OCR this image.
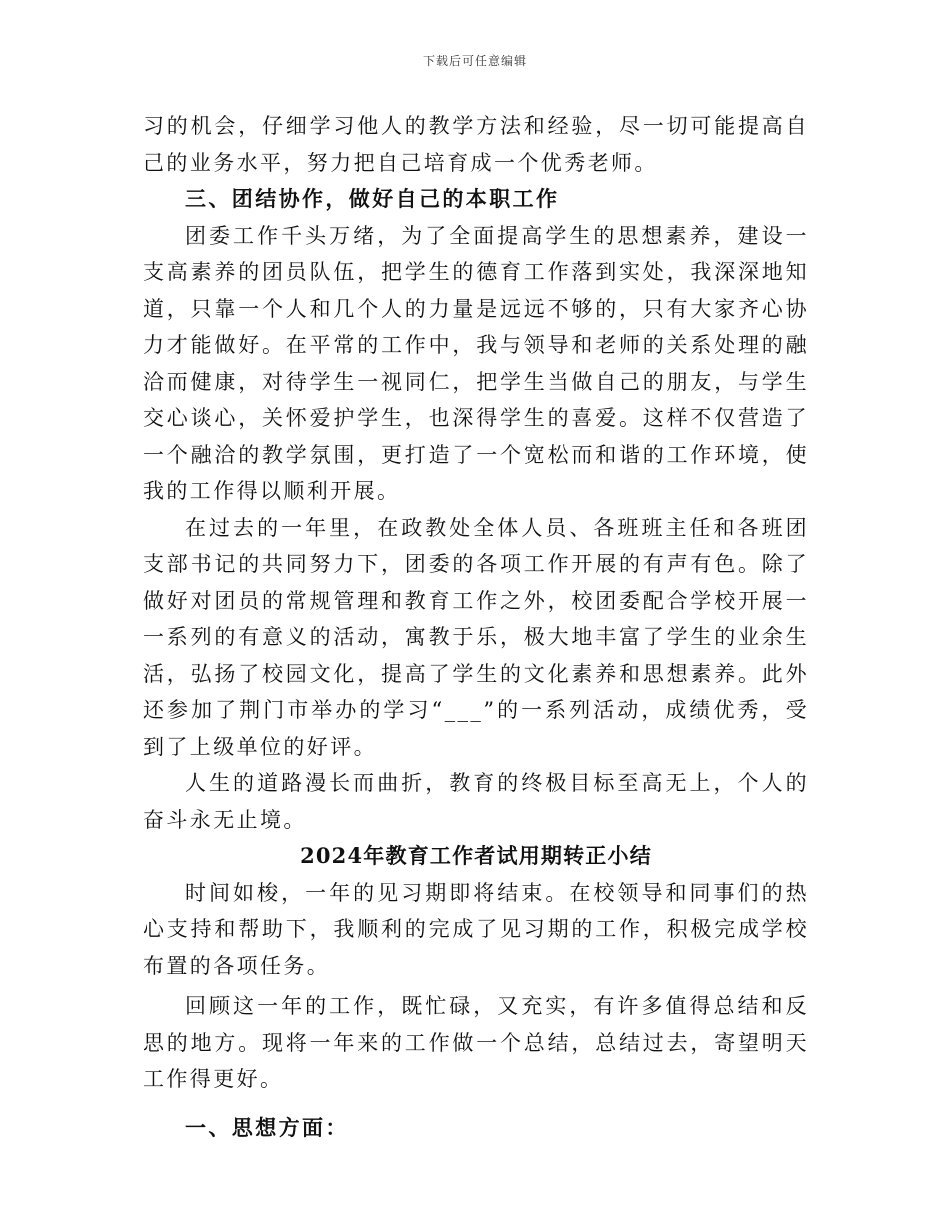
下载后可任意编辑

习的机会，仔细学习他人的教学方法和经验，尽一切可能提高自己的业务水平，努力把自己培育成一个优秀老师。

三、团结协作，做好自己的本职工作

团委工作千头万绪，为了全面提高学生的思想素养，建设一支高素养的团员队伍，把学生的德育工作落到实处，我深深地知道，只靠一个人和几个人的力量是远远不够的，只有大家齐心协力才能做好。在平常的工作中，我与领导和老师的关系处理的融洽而健康，对待学生一视同仁，把学生当做自己的朋友，与学生交心谈心，关怀爱护学生，也深得学生的喜爱。这样不仅营造了一个融洽的教学氛围，更打造了一个宽松而和谐的工作环境，使我的工作得以顺利开展。

在过去的一年里，在政教处全体人员、各班班主任和各班团支部书记的共同努力下，团委的各项工作开展的有声有色。除了做好对团员的常规管理和教育工作之外，校团委配合学校开展一一系列的有意义的活动，寓教于乐，极大地丰富了学生的业余生活，弘扬了校园文化，提高了学生的文化素养和思想素养。此外还参加了荆门市举办的学习“___”的一系列活动，成绩优秀，受到了上级单位的好评。

人生的道路漫长而曲折，教育的终极目标至高无上，个人的奋斗永无止境。

2024年教育工作者试用期转正小结

时间如梭，一年的见习期即将结束。在校领导和同事们的热心支持和帮助下，我顺利的完成了见习期的工作，积极完成学校布置的各项任务。

回顾这一年的工作，既忙碌，又充实，有许多值得总结和反思的地方。现将一年来的工作做一个总结，总结过去，寄望明天工作得更好。

一、思想方面：
